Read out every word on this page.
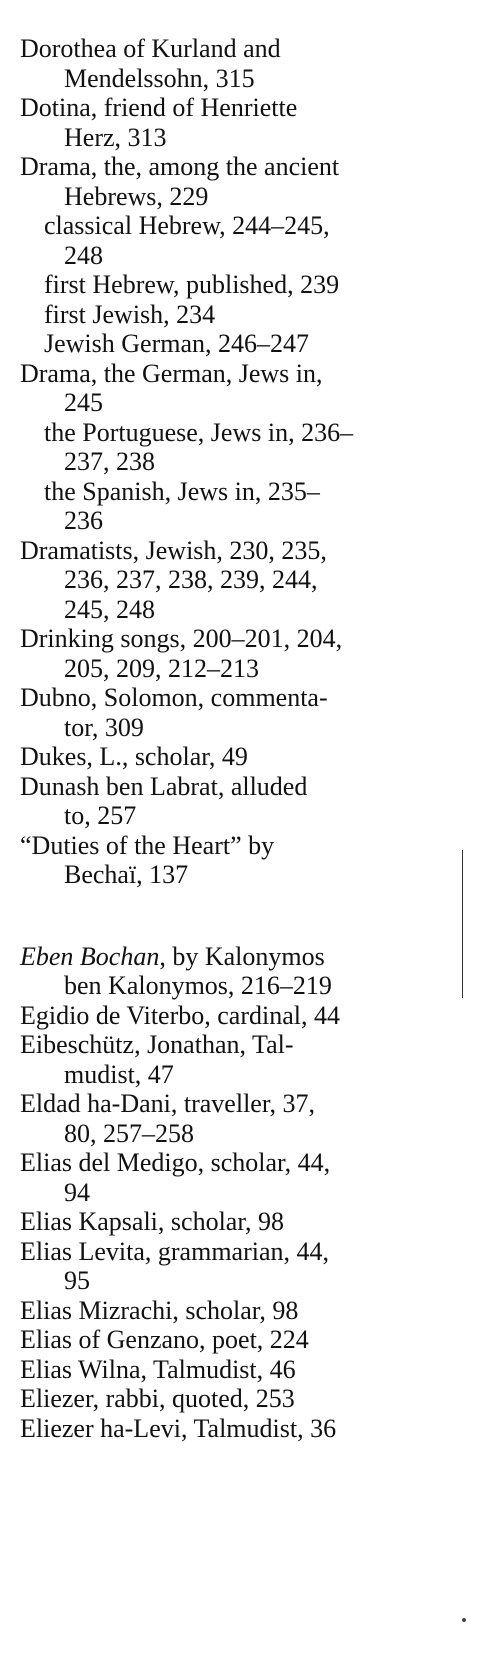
Dorothea of Kurland and
Mendelssohn, 315
Dotina, friend of Henriette
Herz, 313
Drama, the, among the ancient
Hebrews, 229
classical Hebrew, 244–245,
248
first Hebrew, published, 239
first Jewish, 234
Jewish German, 246–247
Drama, the German, Jews in,
245
the Portuguese, Jews in, 236–
237, 238
the Spanish, Jews in, 235–
236
Dramatists, Jewish, 230, 235,
236, 237, 238, 239, 244,
245, 248
Drinking songs, 200–201, 204,
205, 209, 212–213
Dubno, Solomon, commenta-
tor, 309
Dukes, L., scholar, 49
Dunash ben Labrat, alluded
to, 257
“Duties of the Heart” by
Bechaï, 137
Eben Bochan, by Kalonymos
ben Kalonymos, 216–219
Egidio de Viterbo, cardinal, 44
Eibeschütz, Jonathan, Tal-
mudist, 47
Eldad ha-Dani, traveller, 37,
80, 257–258
Elias del Medigo, scholar, 44,
94
Elias Kapsali, scholar, 98
Elias Levita, grammarian, 44,
95
Elias Mizrachi, scholar, 98
Elias of Genzano, poet, 224
Elias Wilna, Talmudist, 46
Eliezer, rabbi, quoted, 253
Eliezer ha-Levi, Talmudist, 36
